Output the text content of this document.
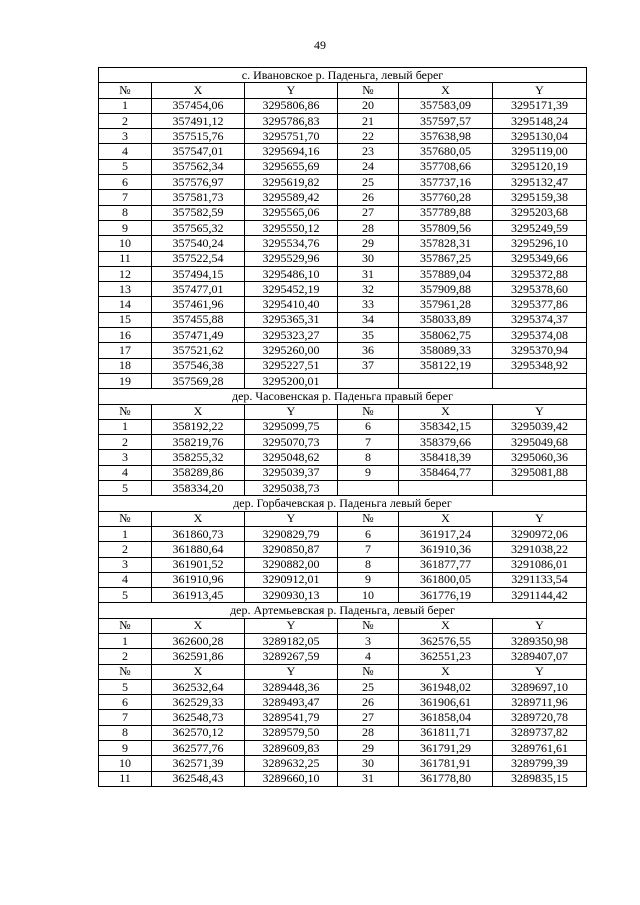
49
с. Ивановское р. Паденьга, левый берег					
№	X	Y	№	X	Y
1	357454,06	3295806,86	20	357583,09	3295171,39
2	357491,12	3295786,83	21	357597,57	3295148,24
3	357515,76	3295751,70	22	357638,98	3295130,04
4	357547,01	3295694,16	23	357680,05	3295119,00
5	357562,34	3295655,69	24	357708,66	3295120,19
6	357576,97	3295619,82	25	357737,16	3295132,47
7	357581,73	3295589,42	26	357760,28	3295159,38
8	357582,59	3295565,06	27	357789,88	3295203,68
9	357565,32	3295550,12	28	357809,56	3295249,59
10	357540,24	3295534,76	29	357828,31	3295296,10
11	357522,54	3295529,96	30	357867,25	3295349,66
12	357494,15	3295486,10	31	357889,04	3295372,88
13	357477,01	3295452,19	32	357909,88	3295378,60
14	357461,96	3295410,40	33	357961,28	3295377,86
15	357455,88	3295365,31	34	358033,89	3295374,37
16	357471,49	3295323,27	35	358062,75	3295374,08
17	357521,62	3295260,00	36	358089,33	3295370,94
18	357546,38	3295227,51	37	358122,19	3295348,92
19	357569,28	3295200,01			
дер. Часовенская р. Паденьга правый берег					
№	X	Y	№	X	Y
1	358192,22	3295099,75	6	358342,15	3295039,42
2	358219,76	3295070,73	7	358379,66	3295049,68
3	358255,32	3295048,62	8	358418,39	3295060,36
4	358289,86	3295039,37	9	358464,77	3295081,88
5	358334,20	3295038,73			
дер. Горбачевская р. Паденьга левый берег					
№	X	Y	№	X	Y
1	361860,73	3290829,79	6	361917,24	3290972,06
2	361880,64	3290850,87	7	361910,36	3291038,22
3	361901,52	3290882,00	8	361877,77	3291086,01
4	361910,96	3290912,01	9	361800,05	3291133,54
5	361913,45	3290930,13	10	361776,19	3291144,42
дер. Артемьевская р. Паденьга, левый берег					
№	X	Y	№	X	Y
1	362600,28	3289182,05	3	362576,55	3289350,98
2	362591,86	3289267,59	4	362551,23	3289407,07
№	X	Y	№	X	Y
5	362532,64	3289448,36	25	361948,02	3289697,10
6	362529,33	3289493,47	26	361906,61	3289711,96
7	362548,73	3289541,79	27	361858,04	3289720,78
8	362570,12	3289579,50	28	361811,71	3289737,82
9	362577,76	3289609,83	29	361791,29	3289761,61
10	362571,39	3289632,25	30	361781,91	3289799,39
11	362548,43	3289660,10	31	361778,80	3289835,15
